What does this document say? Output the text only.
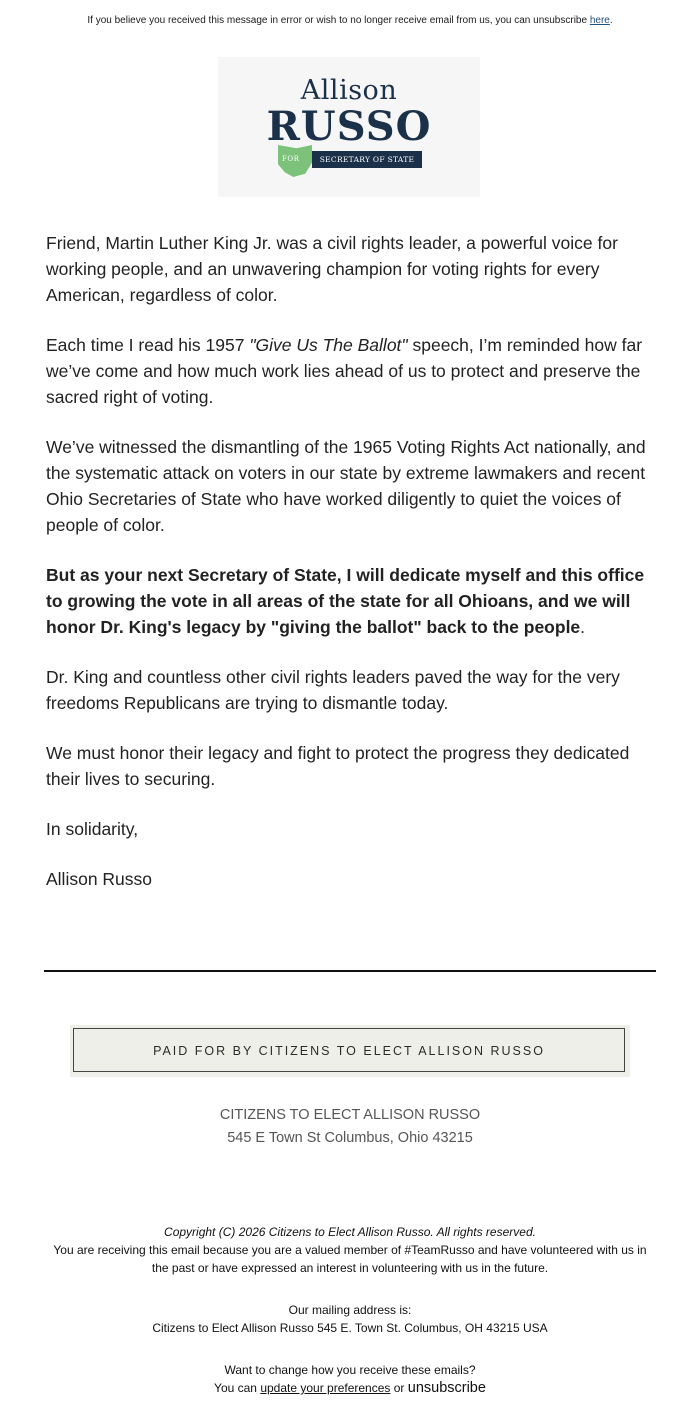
If you believe you received this message in error or wish to no longer receive email from us, you can unsubscribe here.
Allison
RUSSO
FOR	SECRETARY OF STATE

Friend, Martin Luther King Jr. was a civil rights leader, a powerful voice for working people, and an unwavering champion for voting rights for every American, regardless of color.

Each time I read his 1957 "Give Us The Ballot" speech, I’m reminded how far we’ve come and how much work lies ahead of us to protect and preserve the sacred right of voting.

We’ve witnessed the dismantling of the 1965 Voting Rights Act nationally, and the systematic attack on voters in our state by extreme lawmakers and recent Ohio Secretaries of State who have worked diligently to quiet the voices of people of color.

But as your next Secretary of State, I will dedicate myself and this office to growing the vote in all areas of the state for all Ohioans, and we will honor Dr. King's legacy by "giving the ballot" back to the people.

Dr. King and countless other civil rights leaders paved the way for the very freedoms Republicans are trying to dismantle today.

We must honor their legacy and fight to protect the progress they dedicated their lives to securing.

In solidarity,

Allison Russo

PAID FOR BY CITIZENS TO ELECT ALLISON RUSSO
CITIZENS TO ELECT ALLISON RUSSO
545 E Town St Columbus, Ohio 43215
Copyright (C) 2026 Citizens to Elect Allison Russo. All rights reserved.
You are receiving this email because you are a valued member of #TeamRusso and have volunteered with us in the past or have expressed an interest in volunteering with us in the future.
Our mailing address is:
Citizens to Elect Allison Russo 545 E. Town St. Columbus, OH 43215 USA
Want to change how you receive these emails?
You can update your preferences or unsubscribe
